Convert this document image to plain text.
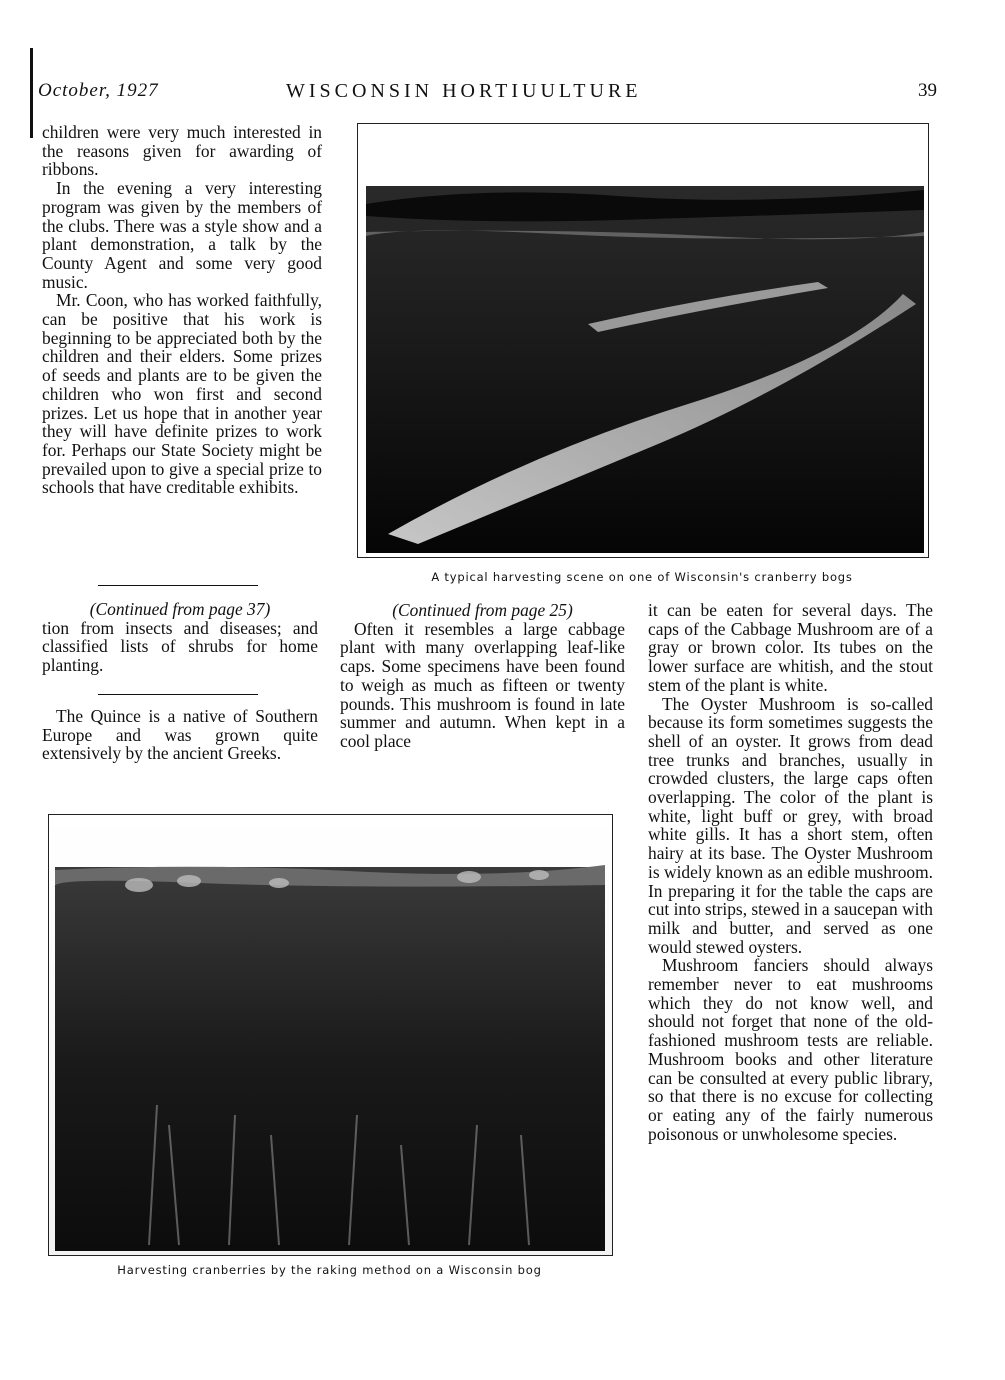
October, 1927	WISCONSIN HORTIUULTURE	39

children were very much interested in the reasons given for awarding of ribbons.

In the evening a very interesting program was given by the members of the clubs. There was a style show and a plant demonstration, a talk by the County Agent and some very good music.

Mr. Coon, who has worked faithfully, can be positive that his work is beginning to be appreciated both by the children and their elders. Some prizes of seeds and plants are to be given the children who won first and second prizes. Let us hope that in another year they will have definite prizes to work for. Perhaps our State Society might be prevailed upon to give a special prize to schools that have creditable exhibits.

(Continued from page 37)

tion from insects and diseases; and classified lists of shrubs for home planting.

The Quince is a native of Southern Europe and was grown quite extensively by the ancient Greeks.

A typical harvesting scene on one of Wisconsin's cranberry bogs

(Continued from page 25)

Often it resembles a large cabbage plant with many overlapping leaf-like caps. Some specimens have been found to weigh as much as fifteen or twenty pounds. This mushroom is found in late summer and autumn. When kept in a cool place

it can be eaten for several days. The caps of the Cabbage Mushroom are of a gray or brown color. Its tubes on the lower surface are whitish, and the stout stem of the plant is white.

The Oyster Mushroom is so-called because its form sometimes suggests the shell of an oyster. It grows from dead tree trunks and branches, usually in crowded clusters, the large caps often overlapping. The color of the plant is white, light buff or grey, with broad white gills. It has a short stem, often hairy at its base. The Oyster Mushroom is widely known as an edible mushroom. In preparing it for the table the caps are cut into strips, stewed in a saucepan with milk and butter, and served as one would stewed oysters.

Mushroom fanciers should always remember never to eat mushrooms which they do not know well, and should not forget that none of the old-fashioned mushroom tests are reliable. Mushroom books and other literature can be consulted at every public library, so that there is no excuse for collecting or eating any of the fairly numerous poisonous or unwholesome species.

Harvesting cranberries by the raking method on a Wisconsin bog
